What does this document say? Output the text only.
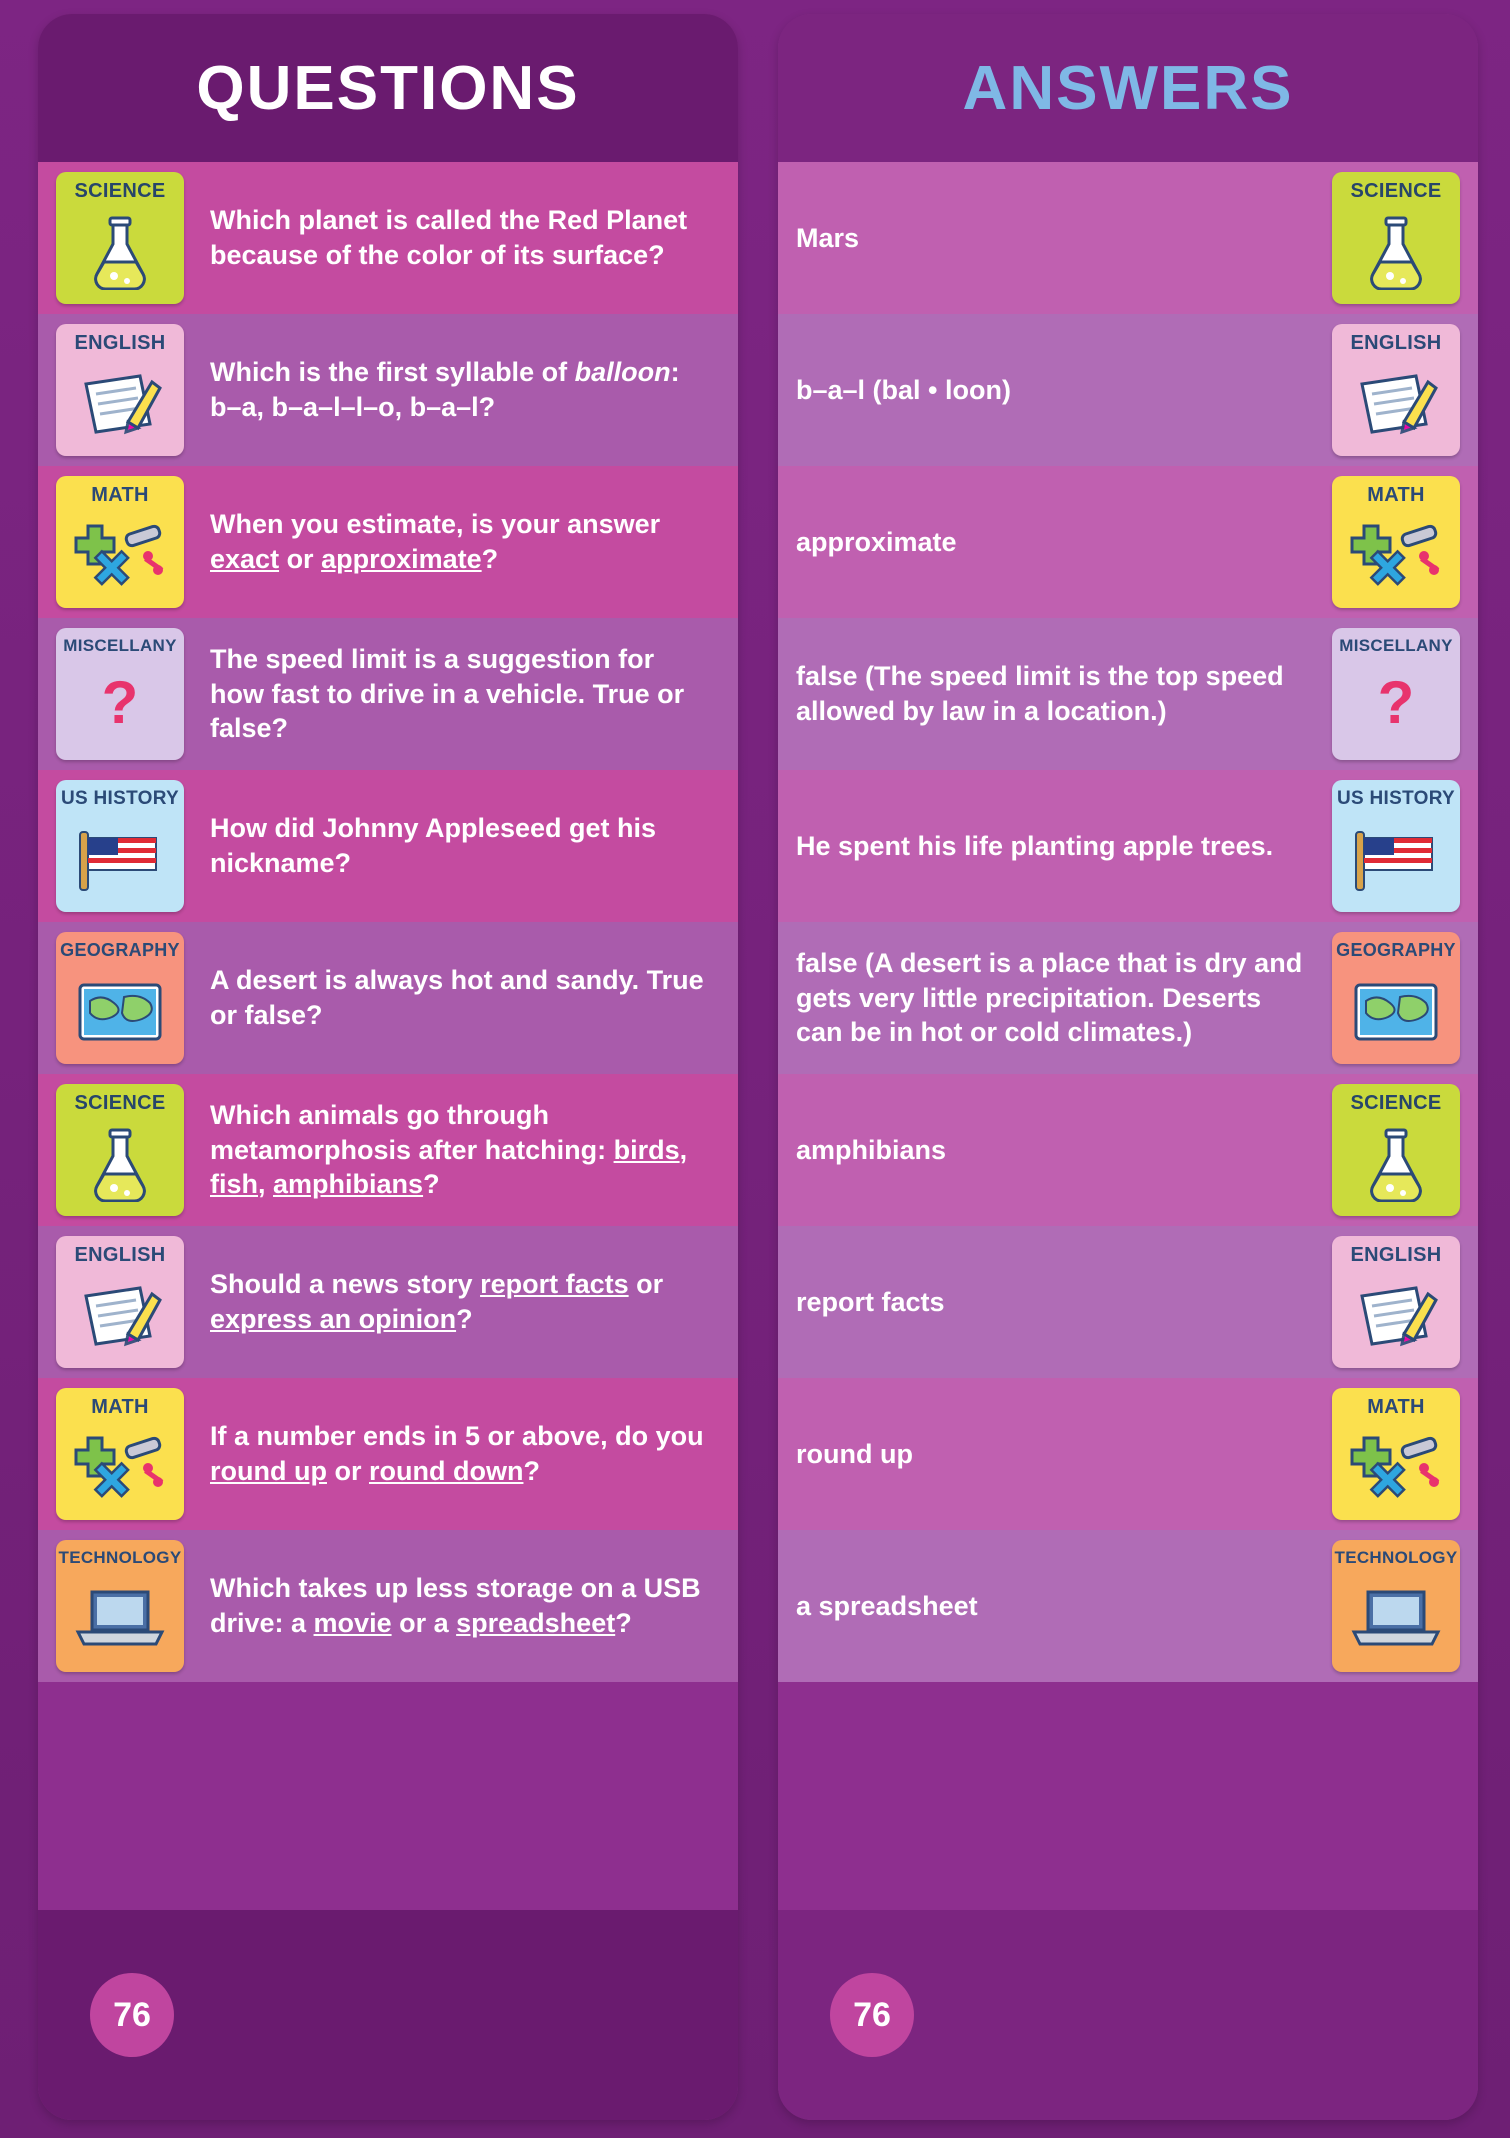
QUESTIONS
SCIENCE
Which planet is called the Red Planet because of the color of its surface?
ENGLISH
Which is the first syllable of balloon: b–a, b–a–l–l–o, b–a–l?
MATH
When you estimate, is your answer exact or approximate?
MISCELLANY
?
The speed limit is a suggestion for how fast to drive in a vehicle. True or false?
US HISTORY
How did Johnny Appleseed get his nickname?
GEOGRAPHY
A desert is always hot and sandy. True or false?
SCIENCE	Which animals go through metamorphosis after hatching: birds, fish, amphibians?
ENGLISH
Should a news story report facts or express an opinion?
MATH
If a number ends in 5 or above, do you round up or round down?
TECHNOLOGY
Which takes up less storage on a USB drive: a movie or a spreadsheet?
76
ANSWERS
Mars
SCIENCE
b–a–l (bal • loon)
ENGLISH
approximate
MATH
false (The speed limit is the top speed allowed by law in a location.)
MISCELLANY
?
He spent his life planting apple trees.
US HISTORY
false (A desert is a place that is dry and gets very little precipitation. Deserts can be in hot or cold climates.)
GEOGRAPHY
amphibians
SCIENCE
report facts
ENGLISH
round up
MATH
a spreadsheet
TECHNOLOGY
76
